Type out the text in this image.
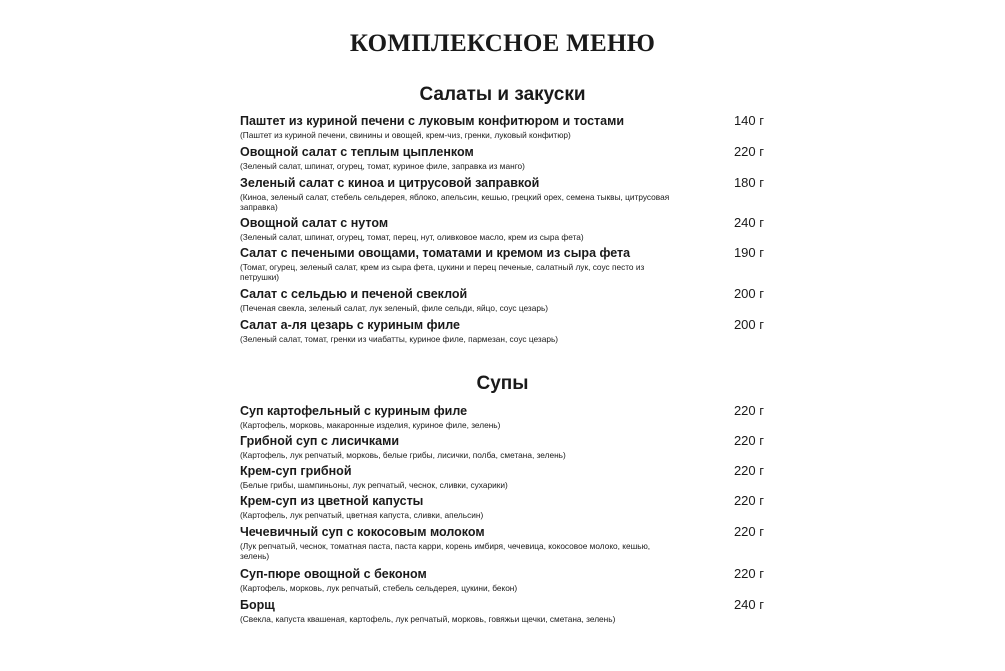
КОМПЛЕКСНОЕ МЕНЮ
Салаты и закуски
Паштет из куриной печени с луковым конфитюром и тостами
(Паштет из куриной печени, свинины и овощей, крем-чиз, гренки, луковый конфитюр)
140 г
Овощной салат с теплым цыпленком
(Зеленый салат, шпинат, огурец, томат, куриное филе, заправка из манго)
220 г
Зеленый салат с киноа и цитрусовой заправкой
(Киноа, зеленый салат, стебель сельдерея, яблоко, апельсин, кешью, грецкий орех, семена тыквы, цитрусовая заправка)
180 г
Овощной салат с нутом
(Зеленый салат, шпинат, огурец, томат, перец, нут, оливковое масло, крем из сыра фета)
240 г
Салат с печеными овощами, томатами и кремом из сыра фета
(Томат, огурец, зеленый салат, крем из сыра фета, цукини и перец печеные, салатный лук, соус песто из петрушки)
190 г
Салат с сельдью и печеной свеклой
(Печеная свекла, зеленый салат, лук зеленый, филе сельди, яйцо, соус цезарь)
200 г
Салат а-ля цезарь с куриным филе
(Зеленый салат, томат, гренки из чиабатты, куриное филе, пармезан, соус цезарь)
200 г
Супы
Суп картофельный с куриным филе
(Картофель, морковь, макаронные изделия, куриное филе, зелень)
220 г
Грибной суп с лисичками
(Картофель, лук репчатый, морковь, белые грибы, лисички, полба, сметана, зелень)
220 г
Крем-суп грибной
(Белые грибы, шампиньоны, лук репчатый, чеснок, сливки, сухарики)
220 г
Крем-суп из цветной капусты
(Картофель, лук репчатый, цветная капуста, сливки, апельсин)
220 г
Чечевичный суп с кокосовым молоком
(Лук репчатый, чеснок, томатная паста, паста карри, корень имбиря, чечевица, кокосовое молоко, кешью, зелень)
220 г
Суп-пюре овощной с беконом
(Картофель, морковь, лук репчатый, стебель сельдерея, цукини, бекон)
220 г
Борщ
(Свекла, капуста квашеная, картофель, лук репчатый, морковь, говяжьи щечки, сметана, зелень)
240 г
